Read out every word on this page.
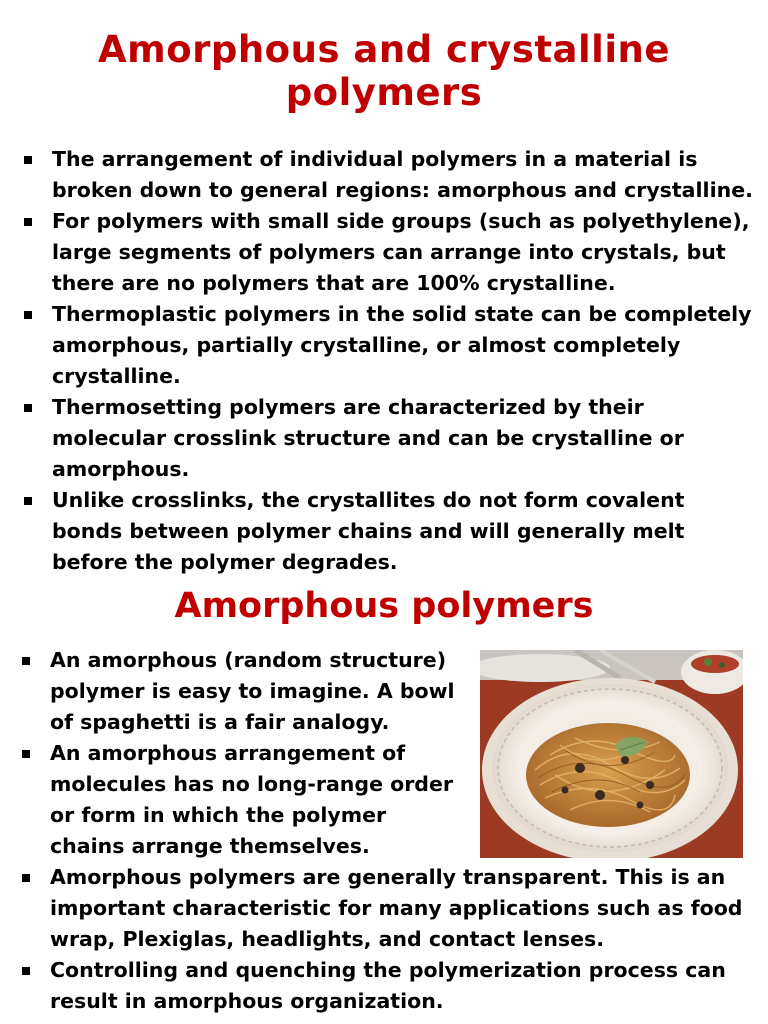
Amorphous and crystalline polymers
The arrangement of individual polymers in a material is broken down to general regions: amorphous and crystalline.
For polymers with small side groups (such as polyethylene), large segments of polymers can arrange into crystals, but there are no polymers that are 100% crystalline.
Thermoplastic polymers in the solid state can be completely amorphous, partially crystalline, or almost completely crystalline.
Thermosetting polymers are characterized by their molecular crosslink structure and can be crystalline or amorphous.
Unlike crosslinks, the crystallites do not form covalent bonds between polymer chains and will generally melt before the polymer degrades.
Amorphous polymers
An amorphous (random structure) polymer is easy to imagine. A bowl of spaghetti is a fair analogy.
An amorphous arrangement of molecules has no long-range order or form in which the polymer chains arrange themselves.
Amorphous polymers are generally transparent. This is an important characteristic for many applications such as food wrap, Plexiglas, headlights, and contact lenses.
Controlling and quenching the polymerization process can result in amorphous organization.
